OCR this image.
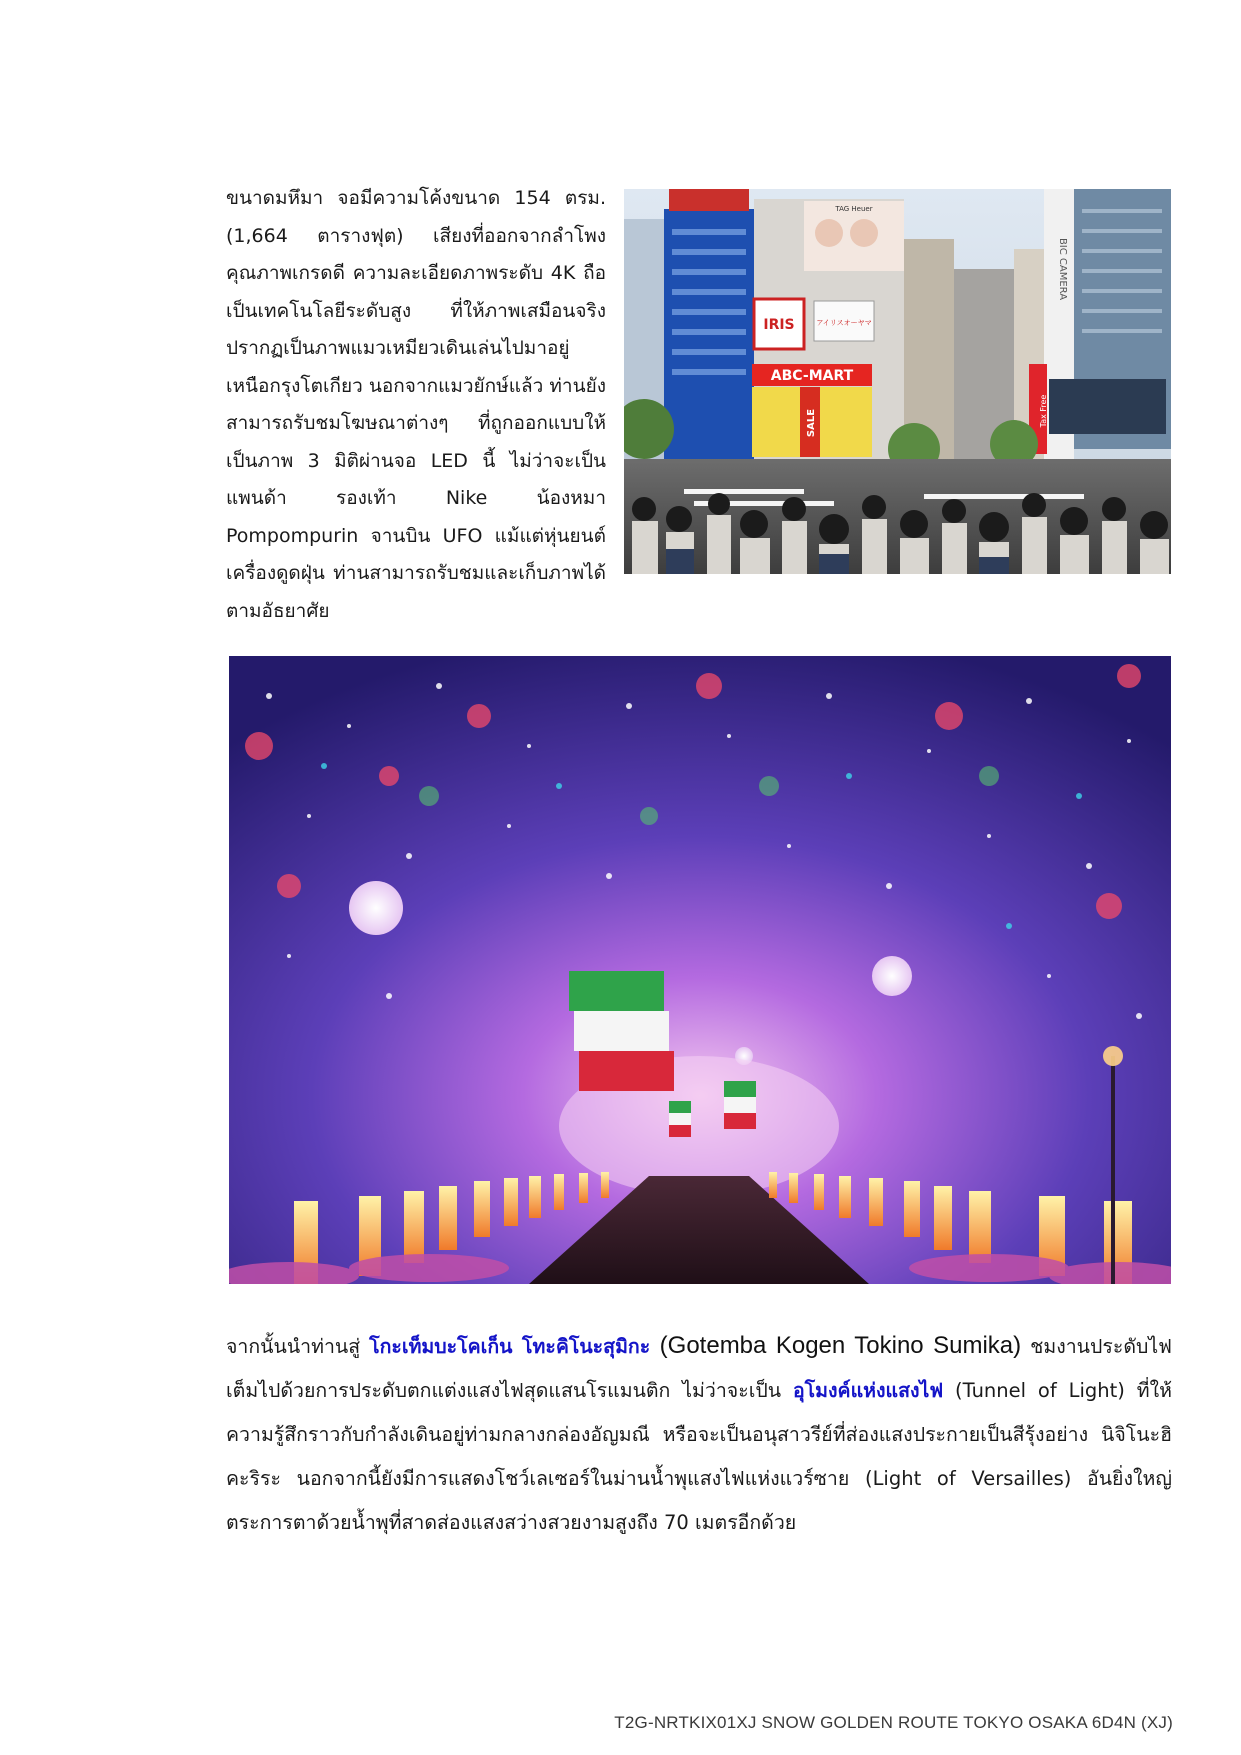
ขนาดมหึมา จอมีความโค้งขนาด 154 ตรม. (1,664 ตารางฟุต) เสียงที่ออกจากลำโพงคุณภาพเกรดดี ความละเอียดภาพระดับ 4K ถือเป็นเทคโนโลยีระดับสูง ที่ให้ภาพเสมือนจริง ปรากฏเป็นภาพแมวเหมียวเดินเล่นไปมาอยู่เหนือกรุงโตเกียว นอกจากแมวยักษ์แล้ว ท่านยังสามารถรับชมโฆษณาต่างๆ ที่ถูกออกแบบให้เป็นภาพ 3 มิติผ่านจอ LED นี้ ไม่ว่าจะเป็น แพนด้า รองเท้า Nike น้องหมา Pompompurin จานบิน UFO แม้แต่หุ่นยนต์เครื่องดูดฝุ่น ท่านสามารถรับชมและเก็บภาพได้ตามอัธยาศัย
TAG Heuer
IRIS	アイリスオーヤマ
ABC-MART
SALE
BIC CAMERA
Tax Free
จากนั้นนำท่านสู่ โกะเท็มบะโคเก็น โทะคิโนะสุมิกะ (Gotemba Kogen Tokino Sumika) ชมงานประดับไฟ เต็มไปด้วยการประดับตกแต่งแสงไฟสุดแสนโรแมนติก ไม่ว่าจะเป็น อุโมงค์แห่งแสงไฟ (Tunnel of Light) ที่ให้ความรู้สึกราวกับกำลังเดินอยู่ท่ามกลางกล่องอัญมณี หรือจะเป็นอนุสาวรีย์ที่ส่องแสงประกายเป็นสีรุ้งอย่าง นิจิโนะฮิคะริระ นอกจากนี้ยังมีการแสดงโชว์เลเซอร์ในม่านน้ำพุแสงไฟแห่งแวร์ซาย (Light of Versailles) อันยิ่งใหญ่ตระการตาด้วยน้ำพุที่สาดส่องแสงสว่างสวยงามสูงถึง 70 เมตรอีกด้วย
T2G-NRTKIX01XJ SNOW GOLDEN ROUTE TOKYO OSAKA 6D4N (XJ)
